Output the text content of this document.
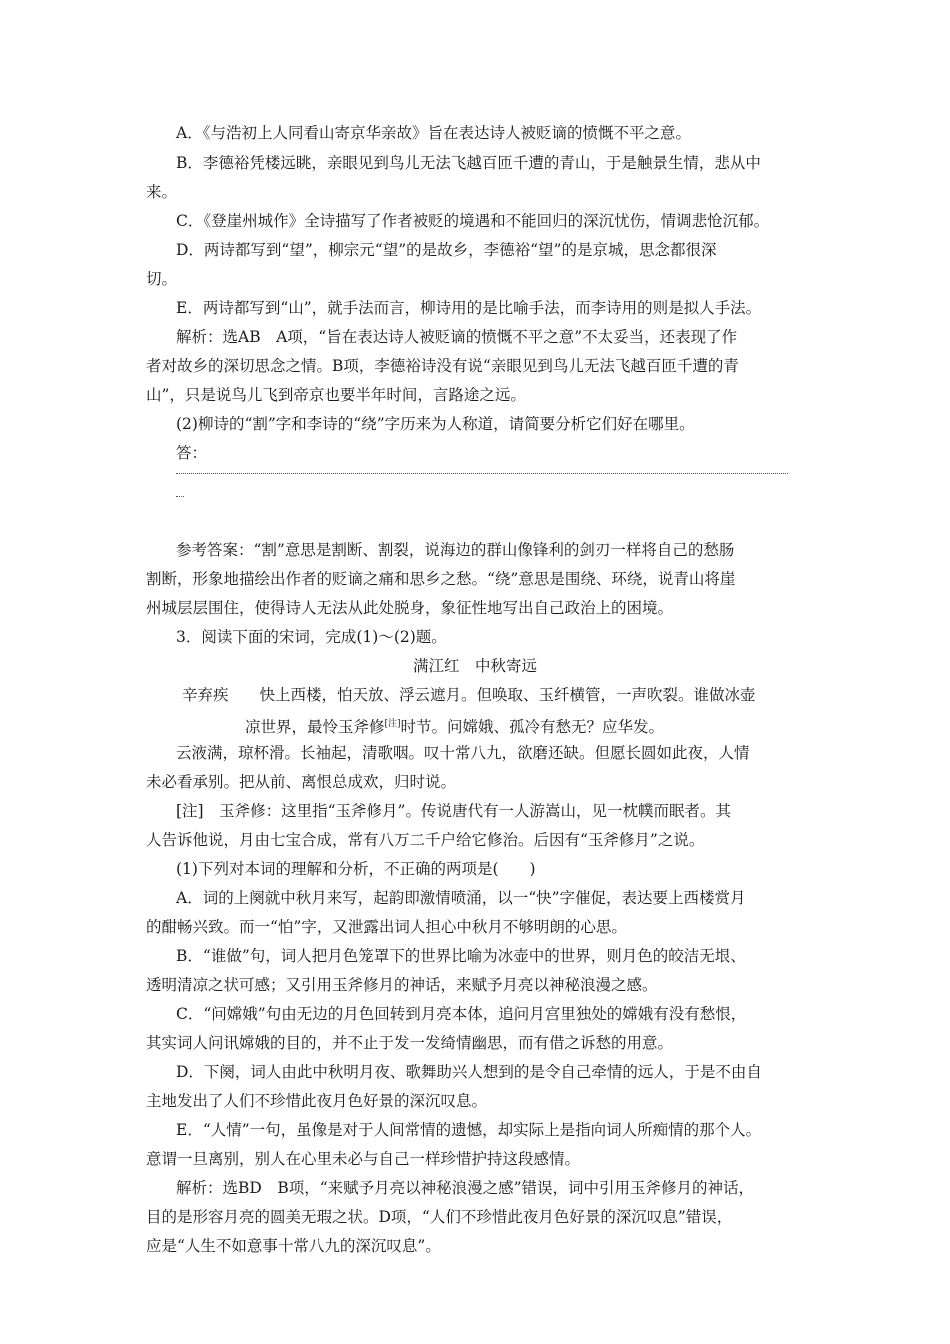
A．《与浩初上人同看山寄京华亲故》旨在表达诗人被贬谪的愤慨不平之意。
B．李德裕凭楼远眺，亲眼见到鸟儿无法飞越百匝千遭的青山，于是触景生情，悲从中
来。
C．《登崖州城作》全诗描写了作者被贬的境遇和不能回归的深沉忧伤，情调悲怆沉郁。
D．两诗都写到“望”，柳宗元“望”的是故乡，李德裕“望”的是京城，思念都很深
切。
E．两诗都写到“山”，就手法而言，柳诗用的是比喻手法，而李诗用的则是拟人手法。
解析：选AB　A项，“旨在表达诗人被贬谪的愤慨不平之意”不太妥当，还表现了作
者对故乡的深切思念之情。B项，李德裕诗没有说“亲眼见到鸟儿无法飞越百匝千遭的青
山”，只是说鸟儿飞到帝京也要半年时间，言路途之远。
(2)柳诗的“割”字和李诗的“绕”字历来为人称道，请简要分析它们好在哪里。
答：
参考答案：“割”意思是割断、割裂，说海边的群山像锋利的剑刃一样将自己的愁肠
割断，形象地描绘出作者的贬谪之痛和思乡之愁。“绕”意思是围绕、环绕，说青山将崖
州城层层围住，使得诗人无法从此处脱身，象征性地写出自己政治上的困境。
3．阅读下面的宋词，完成(1)～(2)题。
满江红　中秋寄远
辛弃疾　　快上西楼，怕天放、浮云遮月。但唤取、玉纤横管，一声吹裂。谁做冰壶
凉世界，最怜玉斧修[注]时节。问嫦娥、孤冷有愁无？应华发。
云液满，琼杯滑。长袖起，清歌咽。叹十常八九，欲磨还缺。但愿长圆如此夜，人情
未必看承别。把从前、离恨总成欢，归时说。
[注]　玉斧修：这里指“玉斧修月”。传说唐代有一人游嵩山，见一枕幞而眠者。其
人告诉他说，月由七宝合成，常有八万二千户给它修治。后因有“玉斧修月”之说。
(1)下列对本词的理解和分析，不正确的两项是(　　)
A．词的上阕就中秋月来写，起韵即激情喷涌，以一“快”字催促，表达要上西楼赏月
的酣畅兴致。而一“怕”字，又泄露出词人担心中秋月不够明朗的心思。
B．“谁做”句，词人把月色笼罩下的世界比喻为冰壶中的世界，则月色的皎洁无垠、
透明清凉之状可感；又引用玉斧修月的神话，来赋予月亮以神秘浪漫之感。
C．“问嫦娥”句由无边的月色回转到月亮本体，追问月宫里独处的嫦娥有没有愁恨，
其实词人问讯嫦娥的目的，并不止于发一发绮情幽思，而有借之诉愁的用意。
D．下阕，词人由此中秋明月夜、歌舞助兴人想到的是令自己牵情的远人，于是不由自
主地发出了人们不珍惜此夜月色好景的深沉叹息。
E．“人情”一句，虽像是对于人间常情的遗憾，却实际上是指向词人所痴情的那个人。
意谓一旦离别，别人在心里未必与自己一样珍惜护持这段感情。
解析：选BD　B项，“来赋予月亮以神秘浪漫之感”错误，词中引用玉斧修月的神话，
目的是形容月亮的圆美无瑕之状。D项，“人们不珍惜此夜月色好景的深沉叹息”错误，
应是“人生不如意事十常八九的深沉叹息”。
